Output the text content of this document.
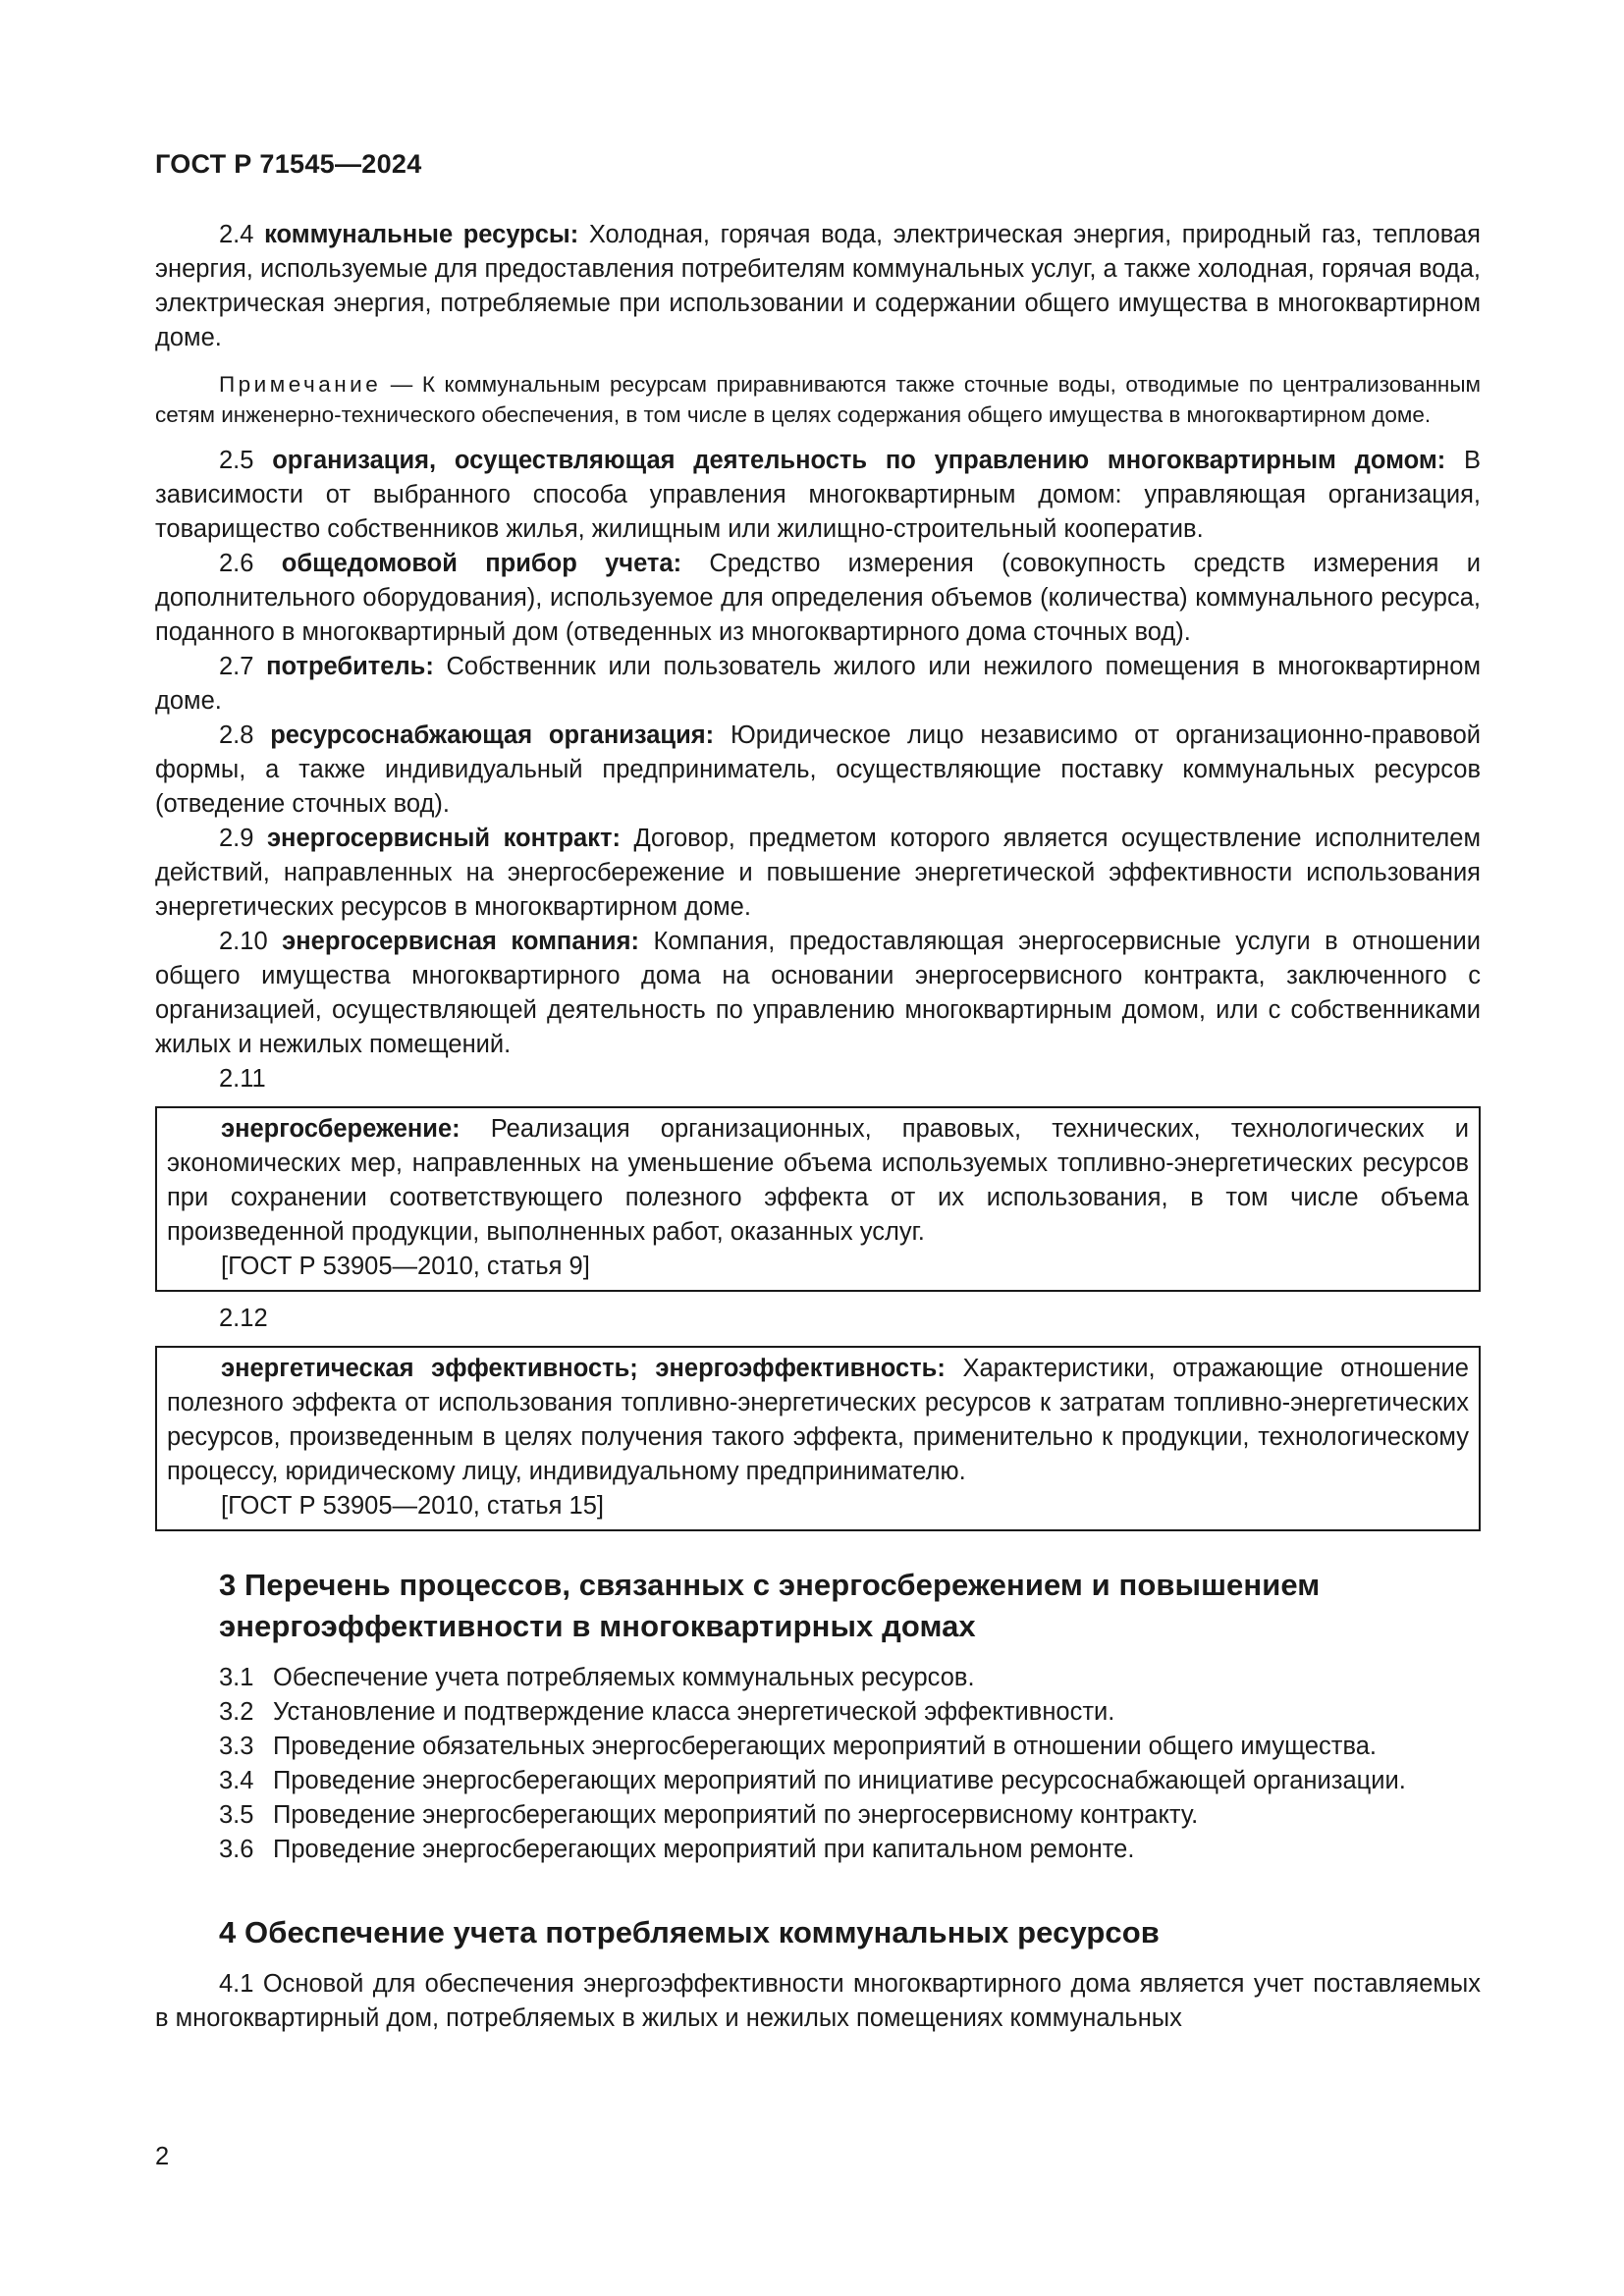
ГОСТ Р 71545—2024

2.4 коммунальные ресурсы: Холодная, горячая вода, электрическая энергия, природный газ, тепловая энергия, используемые для предоставления потребителям коммунальных услуг, а также холодная, горячая вода, электрическая энергия, потребляемые при использовании и содержании общего имущества в многоквартирном доме.

Примечание — К коммунальным ресурсам приравниваются также сточные воды, отводимые по централизованным сетям инженерно-технического обеспечения, в том числе в целях содержания общего имущества в многоквартирном доме.

2.5 организация, осуществляющая деятельность по управлению многоквартирным домом: В зависимости от выбранного способа управления многоквартирным домом: управляющая организация, товарищество собственников жилья, жилищным или жилищно-строительный кооператив.

2.6 общедомовой прибор учета: Средство измерения (совокупность средств измерения и дополнительного оборудования), используемое для определения объемов (количества) коммунального ресурса, поданного в многоквартирный дом (отведенных из многоквартирного дома сточных вод).

2.7 потребитель: Собственник или пользователь жилого или нежилого помещения в многоквартирном доме.

2.8 ресурсоснабжающая организация: Юридическое лицо независимо от организационно-правовой формы, а также индивидуальный предприниматель, осуществляющие поставку коммунальных ресурсов (отведение сточных вод).

2.9 энергосервисный контракт: Договор, предметом которого является осуществление исполнителем действий, направленных на энергосбережение и повышение энергетической эффективности использования энергетических ресурсов в многоквартирном доме.

2.10 энергосервисная компания: Компания, предоставляющая энергосервисные услуги в отношении общего имущества многоквартирного дома на основании энергосервисного контракта, заключенного с организацией, осуществляющей деятельность по управлению многоквартирным домом, или с собственниками жилых и нежилых помещений.

2.11

энергосбережение: Реализация организационных, правовых, технических, технологических и экономических мер, направленных на уменьшение объема используемых топливно-энергетических ресурсов при сохранении соответствующего полезного эффекта от их использования, в том числе объема произведенной продукции, выполненных работ, оказанных услуг.

[ГОСТ Р 53905—2010, статья 9]
2.12

энергетическая эффективность; энергоэффективность: Характеристики, отражающие отношение полезного эффекта от использования топливно-энергетических ресурсов к затратам топливно-энергетических ресурсов, произведенным в целях получения такого эффекта, применительно к продукции, технологическому процессу, юридическому лицу, индивидуальному предпринимателю.

[ГОСТ Р 53905—2010, статья 15]
3 Перечень процессов, связанных с энергосбережением и повышением энергоэффективности в многоквартирных домах
3.1 Обеспечение учета потребляемых коммунальных ресурсов.
3.2 Установление и подтверждение класса энергетической эффективности.
3.3 Проведение обязательных энергосберегающих мероприятий в отношении общего имущества.
3.4 Проведение энергосберегающих мероприятий по инициативе ресурсоснабжающей организации.
3.5 Проведение энергосберегающих мероприятий по энергосервисному контракту.
3.6 Проведение энергосберегающих мероприятий при капитальном ремонте.
4 Обеспечение учета потребляемых коммунальных ресурсов

4.1 Основой для обеспечения энергоэффективности многоквартирного дома является учет поставляемых в многоквартирный дом, потребляемых в жилых и нежилых помещениях коммунальных

2
